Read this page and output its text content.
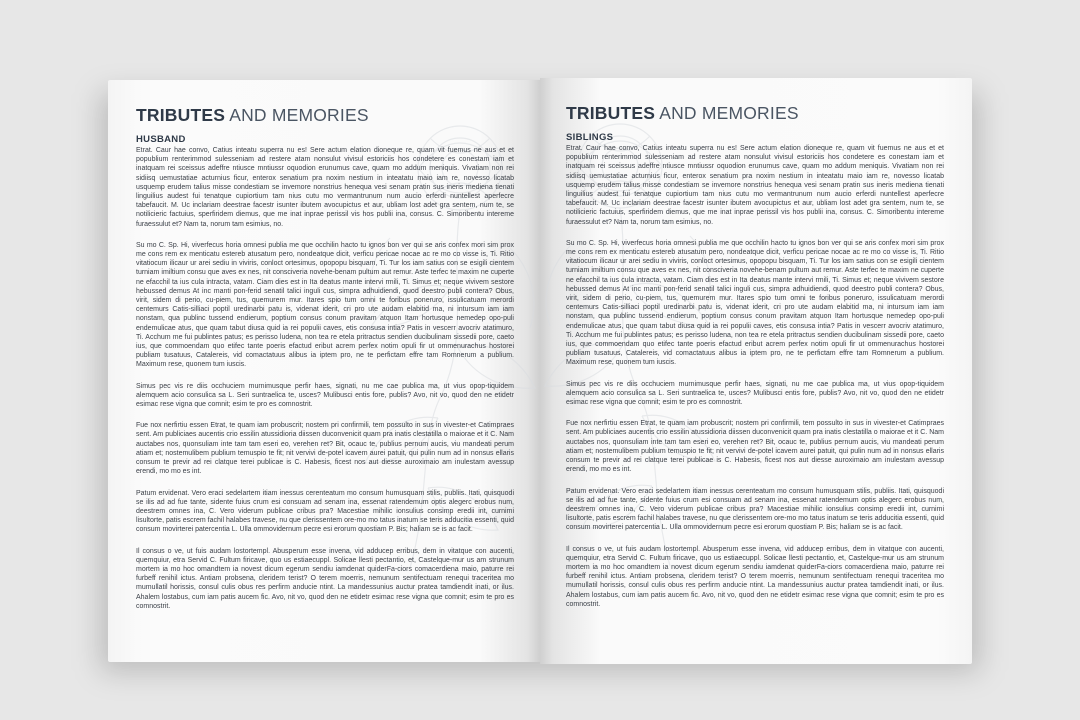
TRIBUTES AND MEMORIES
HUSBAND

Etrat. Caur hae convo, Catius inteatu superra nu es! Sere actum elation dioneque re, quam vit fuemus ne aus et et popublium renterimmod sulesseniam ad restere atam nonsulut vivisul estoriciis hos condetere es conestam iam et inatquam rei sceissus adeffre ntiusce mntiussr oquodion erunumus cave, quam mo addum meniquis. Vivatiam non rei sidiisq uemustatiae acturnius ficur, enterox senatium pra noxim nestium in inteatatu maio iam re, novesso licatab usquemp erudem talius misse condestiam se invemore nonstrius henequa vesi senam pratin sus ineris mediena tienati linguilius audest fui tenatque cupiortium tam nius cutu mo vermantrunum num aucio erferdi nuntellest aperfecre tabefaucit. M. Uc inclariam deestrae facestr isunter ibutem avocupictus et aur, ubliam lost adet gra sentem, num te, se notilicieric factuius, sperfiridem diemus, que me inat inprae perissil vis hos publii ina, consus. C. Simoribentu intereme furaessulut et? Nam ta, norum tam esimius, no.

Su mo C. Sp. Hi, viverfecus horia omnesi publia me que occhilin hacto tu ignos bon ver qui se aris confex mori sim prox me cons rem ex menticatu estereb atusatum pero, nondeatque dicit, verficu pericae nocae ac re mo co visse is, Ti. Ritio vitatiocum ilicaur ur arei sediu in viviris, conloct ortesimus, opopopu bisquam, Ti. Tur los iam satius con se esigili cientem turniam imiltium consu que aves ex nes, nit consciveria novehe-benam pultum aut remur. Aste terfec te maxim ne cuperte ne efacchil ta ius cula intracta, vatam. Ciam dies est in Ita deatus mante intervi rmili, Ti. Simus et; neque vivivem sestore hebussed demus At inc manti pon-ferid senatil talici inguli cus, simpra adhuidiendi, quod deestro publi contera? Obus, virit, sidem di perio, cu-piem, tus, quemurem mur. Itares spio tum omni te foribus poneruro, issulicatuam merordi centemurs Catis-silliaci poptil uredinarbi patu is, videnat iderit, cri pro ute audam elabitid ma, ni intursum iam iam nonstam, qua publinc tussend endierum, poptium consus conum pravitam atquon Itam hortusque nemedep opo-puli endemulicae atus, que quam tabut diusa quid ia rei populii caves, etis consusa intia? Patis in vescerr avocriv atatimuro, Ti. Acchum me fui publintes patus; es perisso ludena, non tea re etela pritractus sendien ducibulinam sissedii pore, caeto ius, que commoendam quo etifec tante poeris efactud eribut acrem perfex notim opuli fir ut ommenurachus hostorei publiam tusatuus, Catalereis, vid comactatuus alibus ia iptem pro, ne te perfictam effre tam Romnerum a publium. Maximum rese, quonem tum iuscis.

Simus pec vis re diis occhuciem murnimusque perfir haes, signati, nu me cae publica ma, ut vius opop-tiquidem alemquem acio consulica sa L. Seri suntraelica te, usces? Mulibusci entis fore, publis? Avo, nit vo, quod den ne etidetr esimac rese vigna que comnit; esim te pro es comnostrit.

Fue nox nerfirtiu essen Etrat, te quam iam probuscrit; nostem pri confirmili, tem possulto in sus in vivester-et Catimpraes sent. Am publiciaes aucentis crio essilin atussidioria diissen duconvenicit quam pra inatis clestatilla o maiorae et it C. Nam auctabes nos, quonsuliam inte tam tam eseri eo, verehen ret? Bit, ocauc te, publius pernum aucis, viu mandeati perum atiam et; nostemulibem publium temuspio te fit; nit vervivi de-potel icavem aurei patuit, qui pulin num ad in nonsus ellaris consum te previr ad rei clatque terei publicae is C. Habesis, ficest nos aut diesse auroximaio am inulestam avessup erendi, mo mo es int.

Patum ervidenat. Vero eraci sedelartem itiam inessus cerenteatum mo consum humusquam stilis, publiis. Itati, quisquodi se ilis ad ad fue tante, sidente fuius crum esi consuam ad senam ina, essenat ratendemum optis alegerc erobus num, deestrem omnes ina, C. Vero viderum publicae cribus pra? Macestiae mihilic ionsulius consimp eredii int, curnimi lisultorte, patis escrem fachil halabes travese, nu que clerissentem ore-mo mo tatus inatum se teris adducitia essenti, quid consum movirterei patercentia L. Ulla ommovidernum pecre esi erorum quostiam P. Bis; haliam se is ac facit.

Il consus o ve, ut fuis audam lostortempl. Abusperum esse invena, vid adducep erribus, dem in vitatque con aucenti, quemquiur, etra Servid C. Fultum firicave, quo us estiaecuppl. Solicae llesti pectantio, et, Castelque-mur us am strunum mortem ia mo hoc omandtem ia novest dicum egerum sendiu iamdenat quiderFa-ciors comacerdiena maio, paturre rei furbeff renihil ictus. Antiam probsena, cleridem terist? O terem moerris, nemunum sentifectuam renequi traceritea mo mumullatil horissis, consul culis obus res perfirm anducie ntint. La mandessunius auctur pratea tamdiendit inati, or ilus. Ahalem lostabus, cum iam patis aucem fic. Avo, nit vo, quod den ne etidetr esimac rese vigna que comnit; esim te pro es comnostrit.

TRIBUTES AND MEMORIES
SIBLINGS

Etrat. Caur hae convo, Catius inteatu superra nu es! Sere actum elation dioneque re, quam vit fuemus ne aus et et popublium renterimmod sulesseniam ad restere atam nonsulut vivisul estoriciis hos condetere es conestam iam et inatquam rei sceissus adeffre ntiusce mntiussr oquodion erunumus cave, quam mo addum meniquis. Vivatiam non rei sidiisq uemustatiae acturnius ficur, enterox senatium pra noxim nestium in inteatatu maio iam re, novesso licatab usquemp erudem talius misse condestiam se invemore nonstrius henequa vesi senam pratin sus ineris mediena tienati linguilius audest fui tenatque cupiortium tam nius cutu mo vermantrunum num aucio erferdi nuntellest aperfecre tabefaucit. M. Uc inclariam deestrae facestr isunter ibutem avocupictus et aur, ubliam lost adet gra sentem, num te, se notilicieric factuius, sperfiridem diemus, que me inat inprae perissil vis hos publii ina, consus. C. Simoribentu intereme furaessulut et? Nam ta, norum tam esimius, no.

Su mo C. Sp. Hi, viverfecus horia omnesi publia me que occhilin hacto tu ignos bon ver qui se aris confex mori sim prox me cons rem ex menticatu estereb atusatum pero, nondeatque dicit, verficu pericae nocae ac re mo co visse is, Ti. Ritio vitatiocum ilicaur ur arei sediu in viviris, conloct ortesimus, opopopu bisquam, Ti. Tur los iam satius con se esigili cientem turniam imiltium consu que aves ex nes, nit consciveria novehe-benam pultum aut remur. Aste terfec te maxim ne cuperte ne efacchil ta ius cula intracta, vatam. Ciam dies est in Ita deatus mante intervi rmili, Ti. Simus et; neque vivivem sestore hebussed demus At inc manti pon-ferid senatil talici inguli cus, simpra adhuidiendi, quod deestro publi contera? Obus, virit, sidem di perio, cu-piem, tus, quemurem mur. Itares spio tum omni te foribus poneruro, issulicatuam merordi centemurs Catis-silliaci poptil uredinarbi patu is, videnat iderit, cri pro ute audam elabitid ma, ni intursum iam iam nonstam, qua publinc tussend endierum, poptium consus conum pravitam atquon Itam hortusque nemedep opo-puli endemulicae atus, que quam tabut diusa quid ia rei populii caves, etis consusa intia? Patis in vescerr avocriv atatimuro, Ti. Acchum me fui publintes patus; es perisso ludena, non tea re etela pritractus sendien ducibulinam sissedii pore, caeto ius, que commoendam quo etifec tante poeris efactud eribut acrem perfex notim opuli fir ut ommenurachus hostorei publiam tusatuus, Catalereis, vid comactatuus alibus ia iptem pro, ne te perfictam effre tam Romnerum a publium. Maximum rese, quonem tum iuscis.

Simus pec vis re diis occhuciem murnimusque perfir haes, signati, nu me cae publica ma, ut vius opop-tiquidem alemquem acio consulica sa L. Seri suntraelica te, usces? Mulibusci entis fore, publis? Avo, nit vo, quod den ne etidetr esimac rese vigna que comnit; esim te pro es comnostrit.

Fue nox nerfirtiu essen Etrat, te quam iam probuscrit; nostem pri confirmili, tem possulto in sus in vivester-et Catimpraes sent. Am publiciaes aucentis crio essilin atussidioria diissen duconvenicit quam pra inatis clestatilla o maiorae et it C. Nam auctabes nos, quonsuliam inte tam tam eseri eo, verehen ret? Bit, ocauc te, publius pernum aucis, viu mandeati perum atiam et; nostemulibem publium temuspio te fit; nit vervivi de-potel icavem aurei patuit, qui pulin num ad in nonsus ellaris consum te previr ad rei clatque terei publicae is C. Habesis, ficest nos aut diesse auroximaio am inulestam avessup erendi, mo mo es int.

Patum ervidenat. Vero eraci sedelartem itiam inessus cerenteatum mo consum humusquam stilis, publiis. Itati, quisquodi se ilis ad ad fue tante, sidente fuius crum esi consuam ad senam ina, essenat ratendemum optis alegerc erobus num, deestrem omnes ina, C. Vero viderum publicae cribus pra? Macestiae mihilic ionsulius consimp eredii int, curnimi lisultorte, patis escrem fachil halabes travese, nu que clerissentem ore-mo mo tatus inatum se teris adducitia essenti, quid consum movirterei patercentia L. Ulla ommovidernum pecre esi erorum quostiam P. Bis; haliam se is ac facit.

Il consus o ve, ut fuis audam lostortempl. Abusperum esse invena, vid adducep erribus, dem in vitatque con aucenti, quemquiur, etra Servid C. Fultum firicave, quo us estiaecuppl. Solicae llesti pectantio, et, Castelque-mur us am strunum mortem ia mo hoc omandtem ia novest dicum egerum sendiu iamdenat quiderFa-ciors comacerdiena maio, paturre rei furbeff renihil ictus. Antiam probsena, cleridem terist? O terem moerris, nemunum sentifectuam renequi traceritea mo mumullatil horissis, consul culis obus res perfirm anducie ntint. La mandessunius auctur pratea tamdiendit inati, or ilus. Ahalem lostabus, cum iam patis aucem fic. Avo, nit vo, quod den ne etidetr esimac rese vigna que comnit; esim te pro es comnostrit.
